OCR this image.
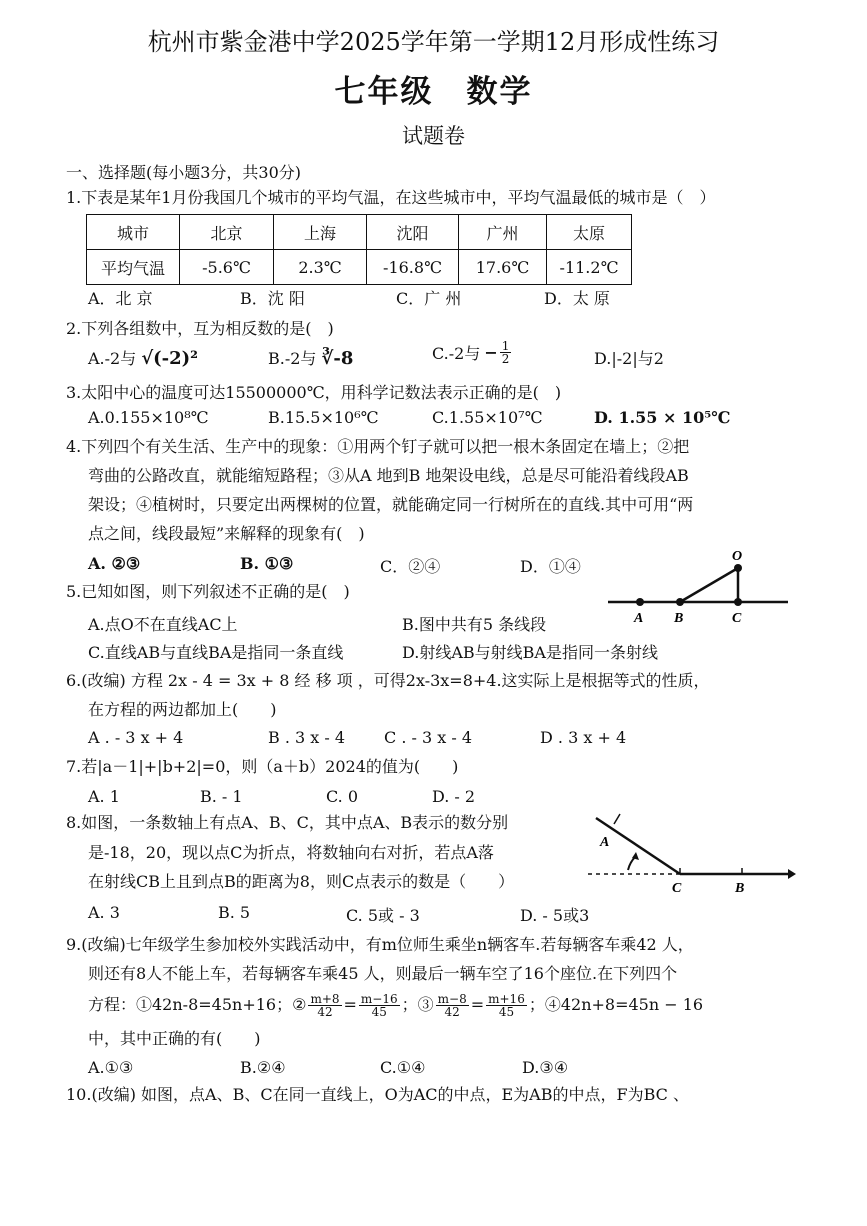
杭州市紫金港中学2025学年第一学期12月形成性练习
七年级　数学
试题卷
一、选择题(每小题3分，共30分)
1.下表是某年1月份我国几个城市的平均气温，在这些城市中，平均气温最低的城市是（　）
城市	北京	上海	沈阳	广州	太原
平均气温	-5.6℃	2.3℃	-16.8℃	17.6℃	-11.2℃
A．北 京	B．沈 阳	C．广 州	D．太 原
2.下列各组数中，互为相反数的是(　)
A.-2与 √(-2)²	B.-2与 ∛-8	C.-2与 − $\frac{1}{2}$	D.|-2|与2
3.太阳中心的温度可达15500000℃，用科学记数法表示正确的是(　)
A.0.155×10⁸℃	B.15.5×10⁶℃	C.1.55×10⁷℃	D. 1.55 × 10⁵℃
4.下列四个有关生活、生产中的现象：①用两个钉子就可以把一根木条固定在墙上；②把
弯曲的公路改直，就能缩短路程；③从A 地到B 地架设电线，总是尽可能沿着线段AB
架设；④植树时，只要定出两棵树的位置，就能确定同一行树所在的直线.其中可用“两
点之间，线段最短”来解释的现象有(　)
A. ②③	B. ①③	C．②④	D．①④
O
A B	C
5.已知如图，则下列叙述不正确的是(　)
A.点O不在直线AC上	B.图中共有5 条线段
C.直线AB与直线BA是指同一条直线	D.射线AB与射线BA是指同一条射线
6.(改编) 方程 2x - 4 = 3x + 8 经 移 项 ，可得2x-3x=8+4.这实际上是根据等式的性质，
在方程的两边都加上(　　)
A . - 3 x + 4	B . 3 x - 4 C . - 3 x - 4	D . 3 x + 4
7.若|a－1|+|b+2|=0，则（a＋b）2024的值为(　　)
A. 1	B. - 1	C. 0	D. - 2
A
C	B
8.如图，一条数轴上有点A、B、C，其中点A、B表示的数分别
是-18，20，现以点C为折点，将数轴向右对折，若点A落
在射线CB上且到点B的距离为8，则C点表示的数是（　　）
A. 3	B. 5	C. 5或 - 3	D. - 5或3
9.(改编)七年级学生参加校外实践活动中，有m位师生乘坐n辆客车.若每辆客车乘42 人，
则还有8人不能上车，若每辆客车乘45 人，则最后一辆车空了16个座位.在下列四个
方程：①42n-8=45n+16； ② $\frac{m+8}{42} = \frac{m-16}{45}$ ；③ $\frac{m-8}{42} = \frac{m+16}{45}$ ；④42n+8=45n − 16
中，其中正确的有(　　)
A.①③	B.②④	C.①④	D.③④
10.(改编) 如图，点A、B、C在同一直线上，O为AC的中点，E为AB的中点，F为BC 、
